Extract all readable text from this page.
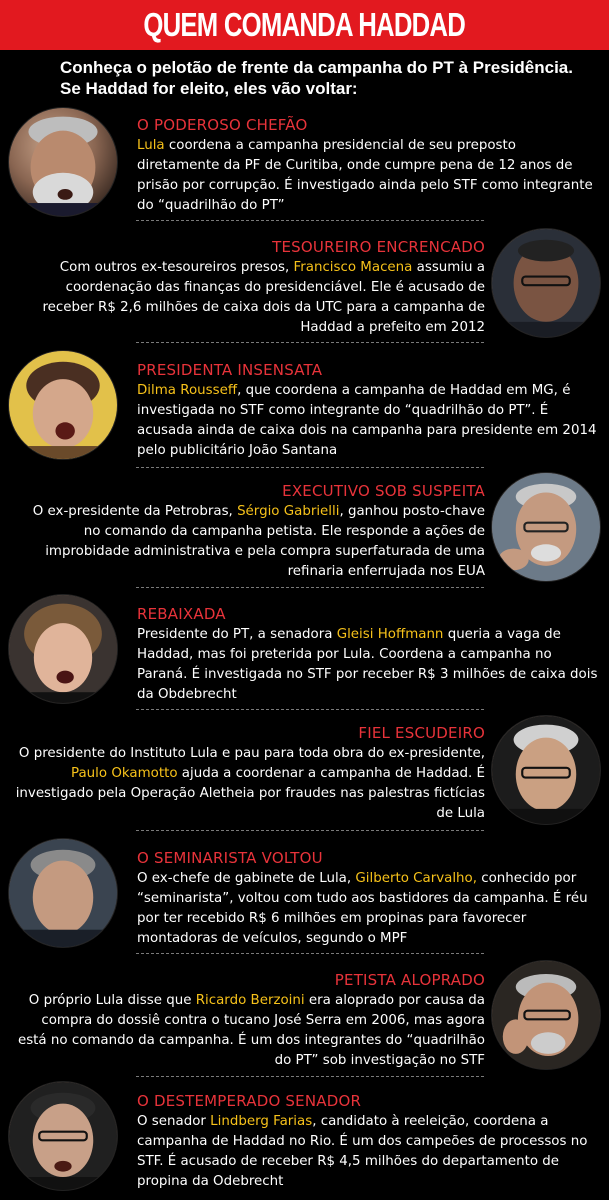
QUEM COMANDA HADDAD

Conheça o pelotão de frente da campanha do PT à Presidência. Se Haddad for eleito, eles vão voltar:

O PODEROSO CHEFÃO
Lula coordena a campanha presidencial de seu preposto diretamente da PF de Curitiba, onde cumpre pena de 12 anos de prisão por corrupção. É investigado ainda pelo STF como integrante do “quadrilhão do PT”
TESOUREIRO ENCRENCADO
Com outros ex-tesoureiros presos, Francisco Macena assumiu a coordenação das finanças do presidenciável. Ele é acusado de receber R$ 2,6 milhões de caixa dois da UTC para a campanha de Haddad a prefeito em 2012
PRESIDENTA INSENSATA
Dilma Rousseff, que coordena a campanha de Haddad em MG, é investigada no STF como integrante do “quadrilhão do PT”. É acusada ainda de caixa dois na campanha para presidente em 2014 pelo publicitário João Santana
EXECUTIVO SOB SUSPEITA
O ex-presidente da Petrobras, Sérgio Gabrielli, ganhou posto-chave no comando da campanha petista. Ele responde a ações de improbidade administrativa e pela compra superfaturada de uma refinaria enferrujada nos EUA
REBAIXADA
Presidente do PT, a senadora Gleisi Hoffmann queria a vaga de Haddad, mas foi preterida por Lula. Coordena a campanha no Paraná. É investigada no STF por receber R$ 3 milhões de caixa dois da Obdebrecht
FIEL ESCUDEIRO
O presidente do Instituto Lula e pau para toda obra do ex-presidente, Paulo Okamotto ajuda a coordenar a campanha de Haddad. É investigado pela Operação Aletheia por fraudes nas palestras fictícias de Lula
O SEMINARISTA VOLTOU
O ex-chefe de gabinete de Lula, Gilberto Carvalho, conhecido por “seminarista”, voltou com tudo aos bastidores da campanha. É réu por ter recebido R$ 6 milhões em propinas para favorecer montadoras de veículos, segundo o MPF
PETISTA ALOPRADO
O próprio Lula disse que Ricardo Berzoini era aloprado por causa da compra do dossiê contra o tucano José Serra em 2006, mas agora está no comando da campanha. É um dos integrantes do “quadrilhão do PT” sob investigação no STF
O DESTEMPERADO SENADOR
O senador Lindberg Farias, candidato à reeleição, coordena a campanha de Haddad no Rio. É um dos campeões de processos no STF. É acusado de receber R$ 4,5 milhões do departamento de propina da Odebrecht
